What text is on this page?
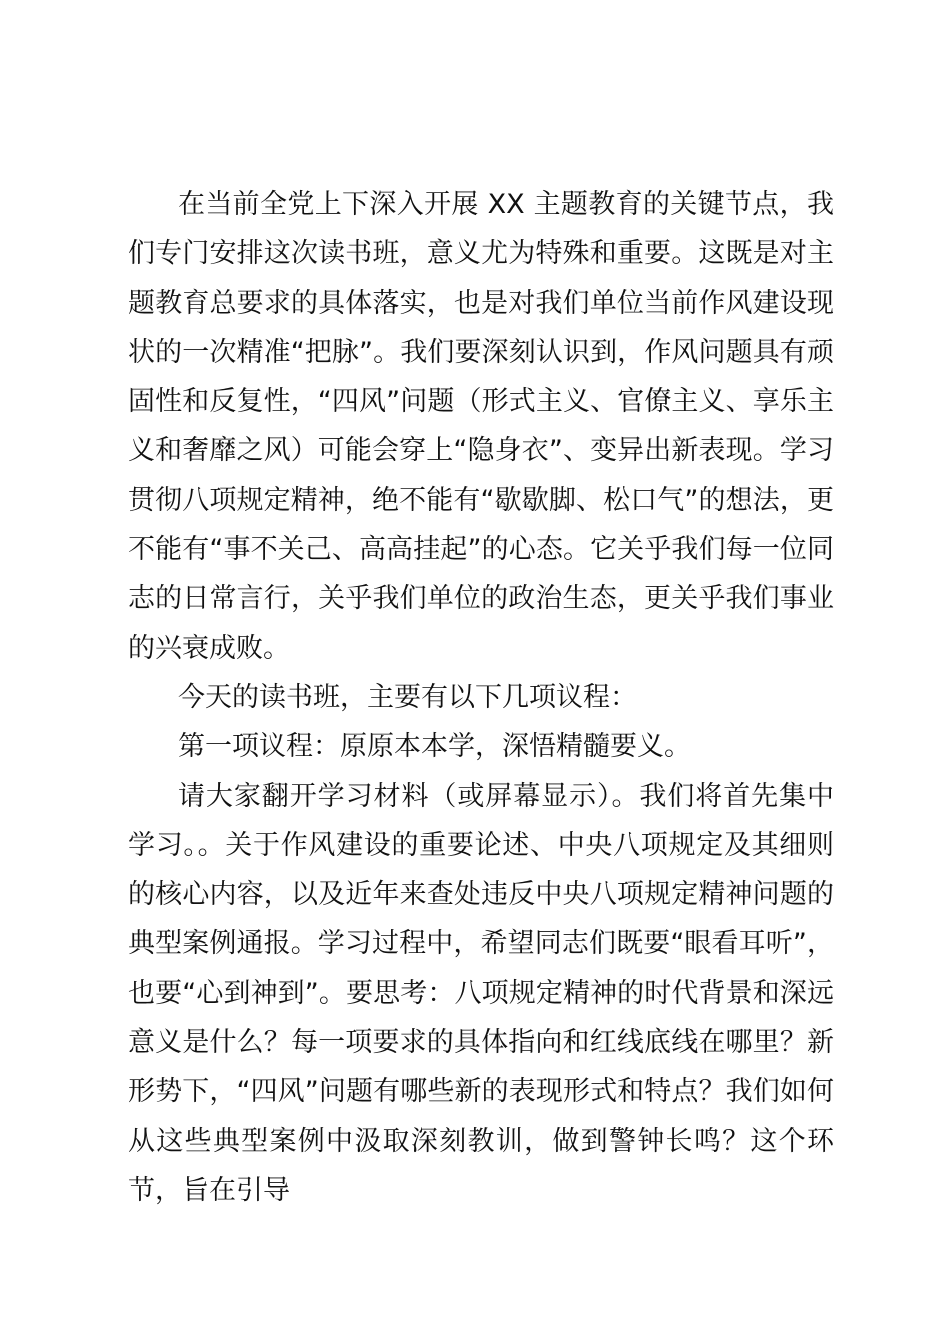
在当前全党上下深入开展 XX 主题教育的关键节点，我们专门安排这次读书班，意义尤为特殊和重要。这既是对主题教育总要求的具体落实，也是对我们单位当前作风建设现状的一次精准“把脉”。我们要深刻认识到，作风问题具有顽固性和反复性，“四风”问题（形式主义、官僚主义、享乐主义和奢靡之风）可能会穿上“隐身衣”、变异出新表现。学习贯彻八项规定精神，绝不能有“歇歇脚、松口气”的想法，更不能有“事不关己、高高挂起”的心态。它关乎我们每一位同志的日常言行，关乎我们单位的政治生态，更关乎我们事业的兴衰成败。

今天的读书班，主要有以下几项议程：

第一项议程：原原本本学，深悟精髓要义。

请大家翻开学习材料（或屏幕显示）。我们将首先集中学习。。关于作风建设的重要论述、中央八项规定及其细则的核心内容，以及近年来查处违反中央八项规定精神问题的典型案例通报。学习过程中，希望同志们既要“眼看耳听”，也要“心到神到”。要思考：八项规定精神的时代背景和深远意义是什么？每一项要求的具体指向和红线底线在哪里？新形势下，“四风”问题有哪些新的表现形式和特点？我们如何从这些典型案例中汲取深刻教训，做到警钟长鸣？这个环节，旨在引导
